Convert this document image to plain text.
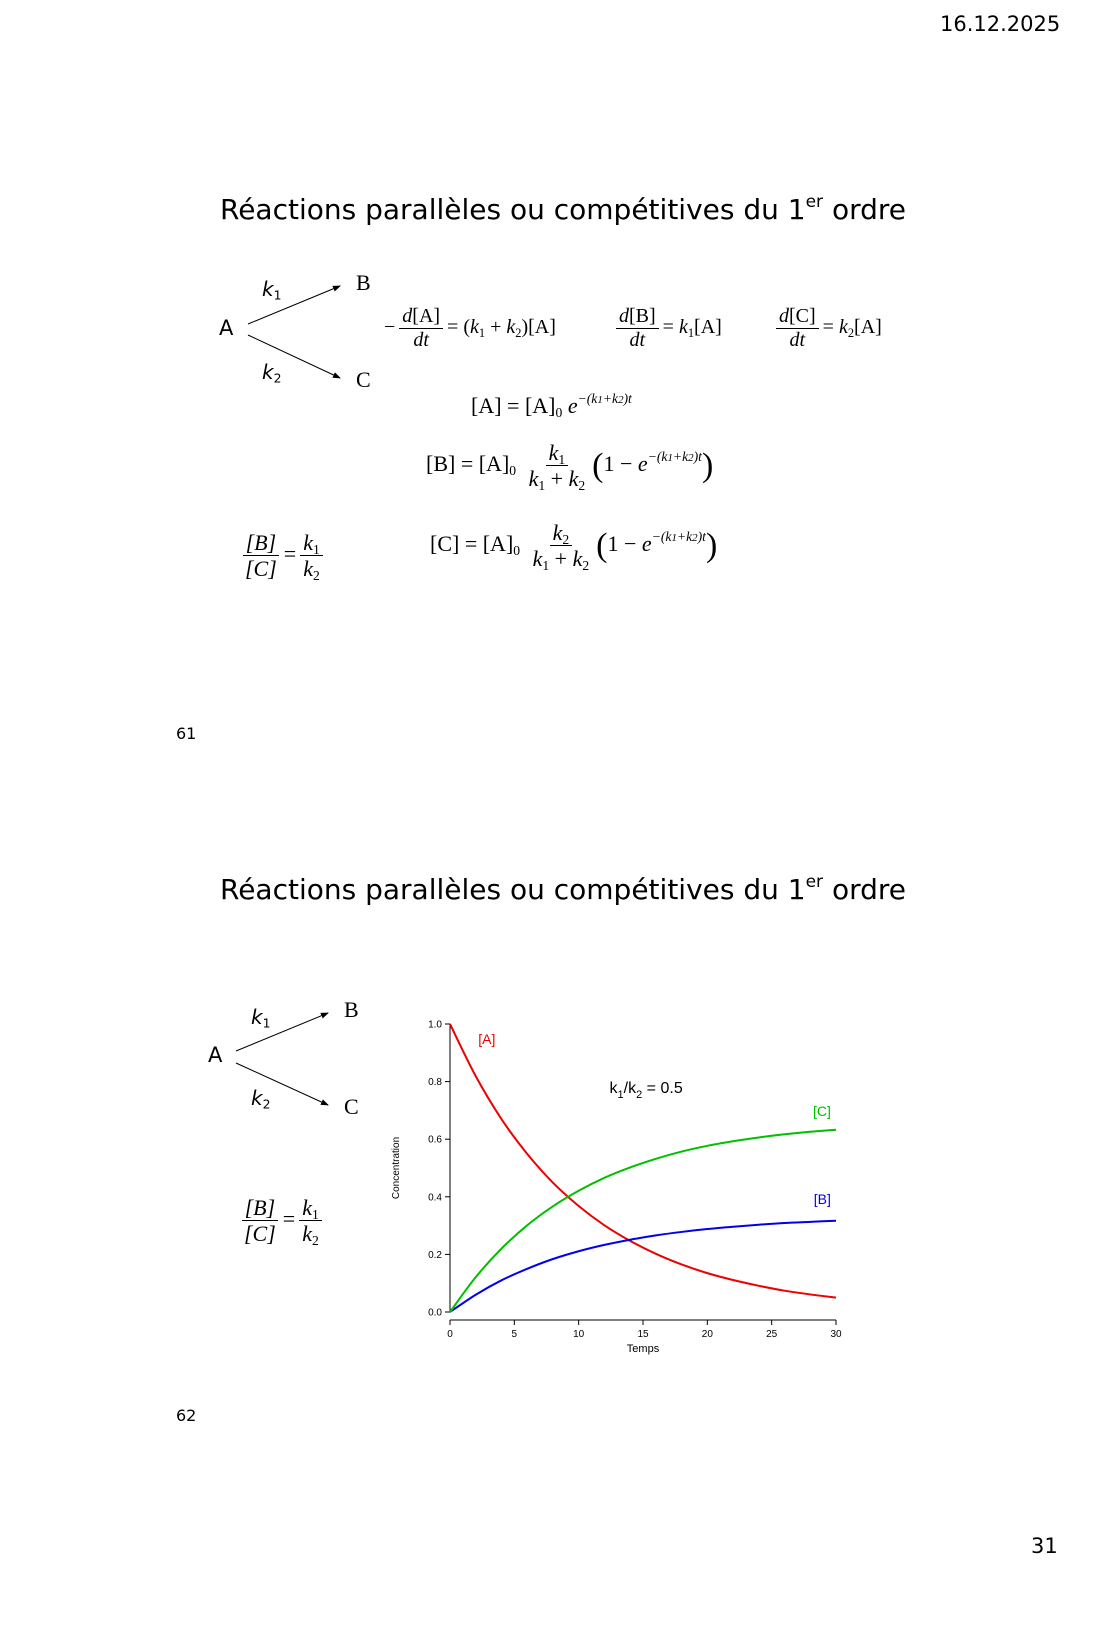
16.12.2025
31
Réactions parallèles ou compétitives du 1er ordre
A
B
C
$k_1$
$k_2$
− $\frac{d[A]}{dt} = (k_1 + k_2)[A]$	$\frac{d[B]}{dt} = k_1[A]$	$\frac{d[C]}{dt} = k_2[A]$
$[A] = [A]_0$ $e^{-(k1+k2)t}$
$[B] = [A]_0 \frac{k_1}{k_1 + k_2} (1 - e^{-(k1+k2)t})$
$[C] = [A]_0 \frac{k_2}{k_1 + k_2} (1 - e^{-(k1+k2)t})$
$\frac{[B]}{[C]} = \frac{k_1}{k_2}$
61
Réactions parallèles ou compétitives du 1er ordre
A
B
C
$k_1$
$k_2$
$\frac{[B]}{[C]} = \frac{k_1}{k_2}$
0.0
0.2
0.4
0.6
0.8
1.0
0	5	10	15	20	25	30
Temps
Concentration
[A]
[B]
[C]
$k_1/k_2 = 0.5$
62
